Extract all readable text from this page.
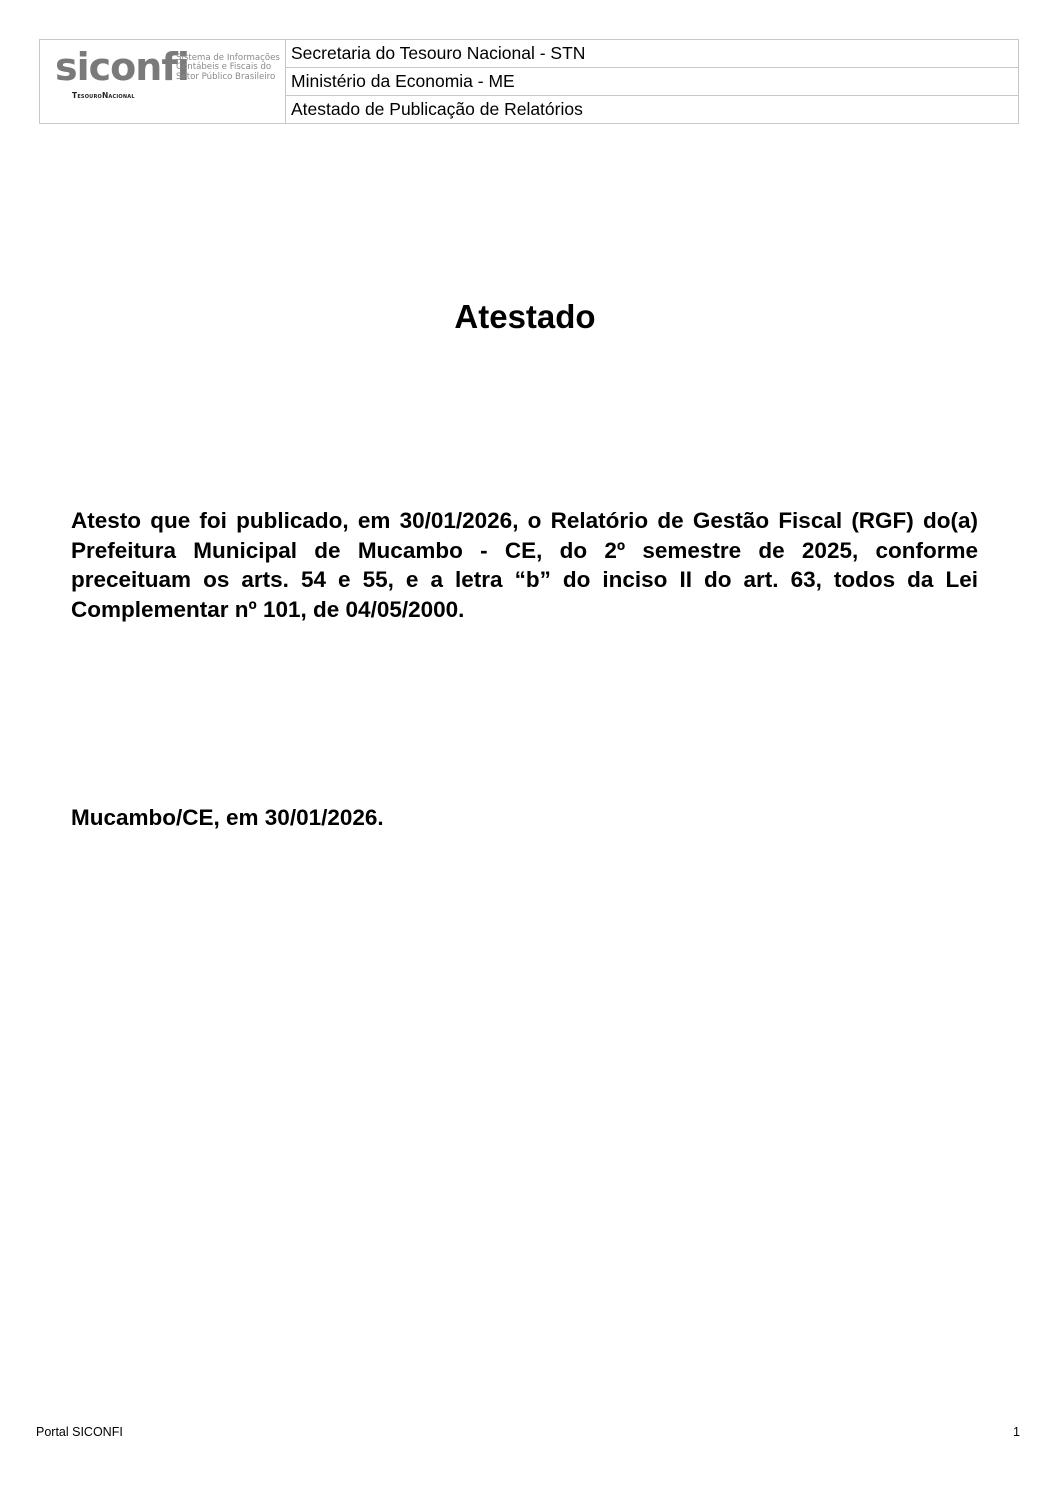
siconfi
Sistema de Informações
Contábeis e Fiscais do
Setor Público Brasileiro
TesouroNacional
Secretaria do Tesouro Nacional - STN
Ministério da Economia - ME
Atestado de Publicação de Relatórios
Atestado

Atesto que foi publicado, em 30/01/2026, o Relatório de Gestão Fiscal (RGF) do(a) Prefeitura Municipal de Mucambo - CE, do 2º semestre de 2025, conforme preceituam os arts. 54 e 55, e a letra “b” do inciso II do art. 63, todos da Lei Complementar nº 101, de 04/05/2000.

Mucambo/CE, em 30/01/2026.
Portal SICONFI	1
